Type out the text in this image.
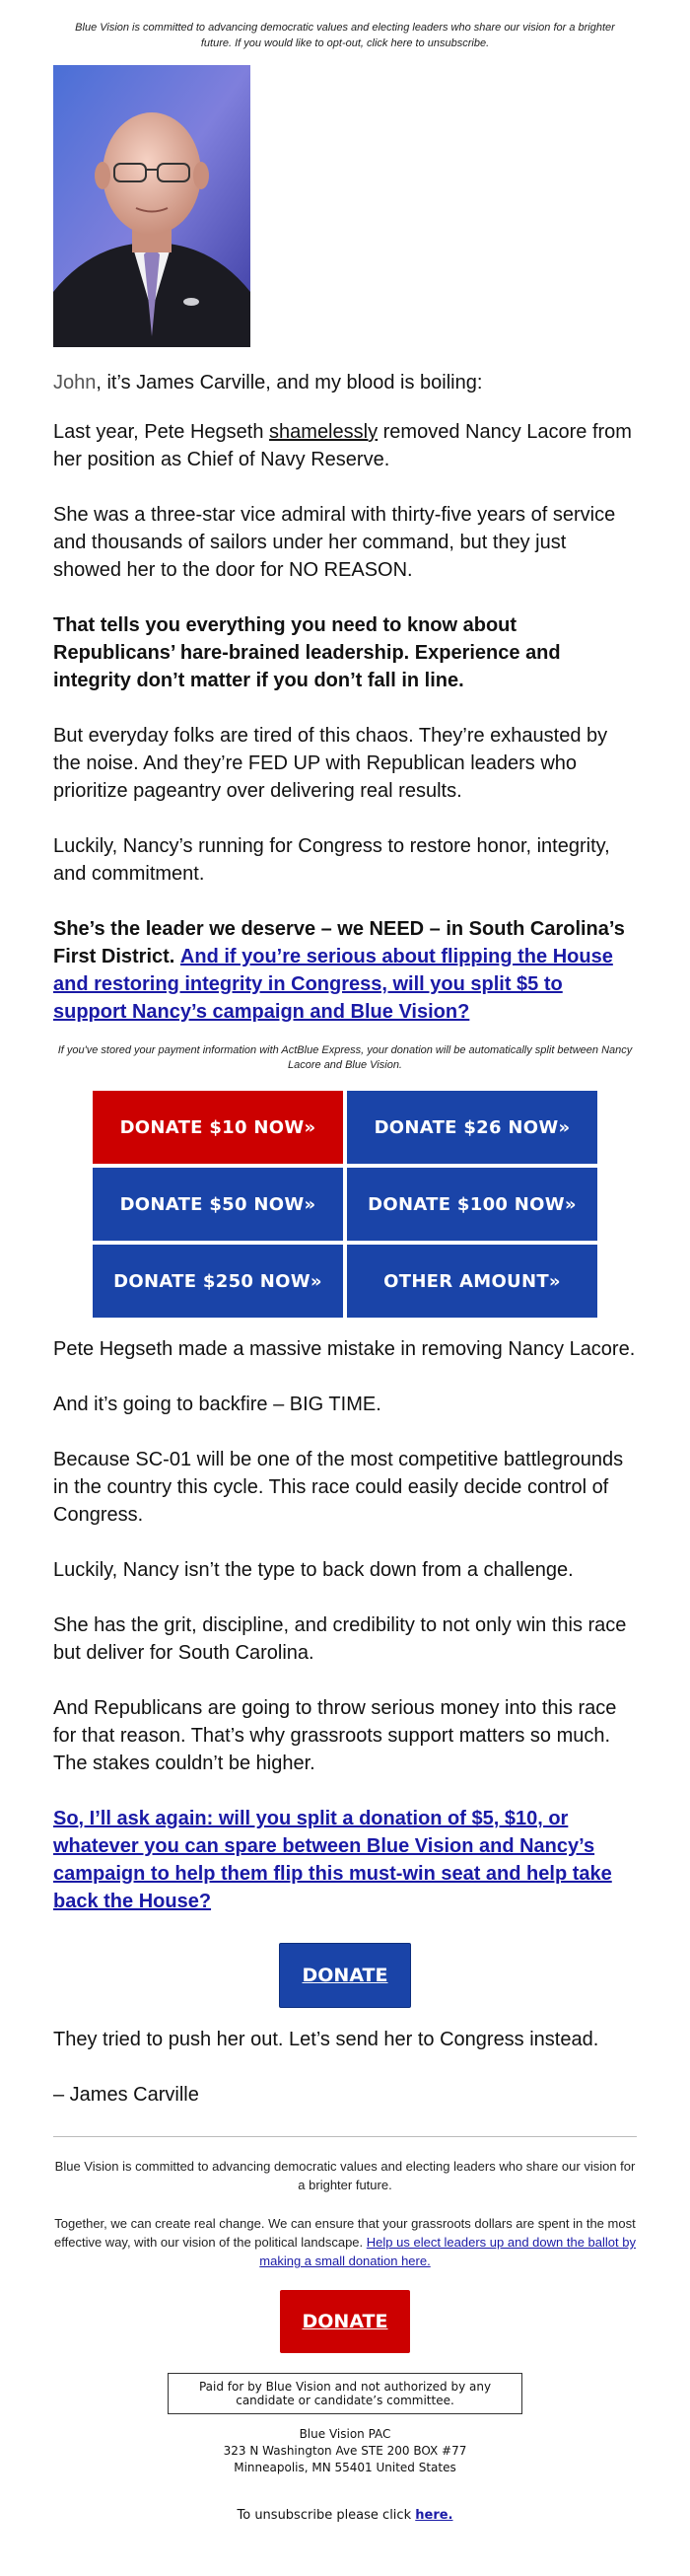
Blue Vision is committed to advancing democratic values and electing leaders who share our vision for a brighter future. If you would like to opt-out, click here to unsubscribe.

John, it’s James Carville, and my blood is boiling:

Last year, Pete Hegseth shamelessly removed Nancy Lacore from her position as Chief of Navy Reserve.

She was a three-star vice admiral with thirty-five years of service and thousands of sailors under her command, but they just showed her to the door for NO REASON.

That tells you everything you need to know about Republicans’ hare-brained leadership. Experience and integrity don’t matter if you don’t fall in line.

But everyday folks are tired of this chaos. They’re exhausted by the noise. And they’re FED UP with Republican leaders who prioritize pageantry over delivering real results.

Luckily, Nancy’s running for Congress to restore honor, integrity, and commitment.

She’s the leader we deserve – we NEED – in South Carolina’s First District. And if you’re serious about flipping the House and restoring integrity in Congress, will you split $5 to support Nancy’s campaign and Blue Vision?

If you've stored your payment information with ActBlue Express, your donation will be automatically split between Nancy Lacore and Blue Vision.

DONATE $10 NOW»	DONATE $26 NOW»
DONATE $50 NOW»	DONATE $100 NOW»
DONATE $250 NOW»	OTHER AMOUNT»

Pete Hegseth made a massive mistake in removing Nancy Lacore.

And it’s going to backfire – BIG TIME.

Because SC-01 will be one of the most competitive battlegrounds in the country this cycle. This race could easily decide control of Congress.

Luckily, Nancy isn’t the type to back down from a challenge.

She has the grit, discipline, and credibility to not only win this race but deliver for South Carolina.

And Republicans are going to throw serious money into this race for that reason. That’s why grassroots support matters so much. The stakes couldn’t be higher.

So, I’ll ask again: will you split a donation of $5, $10, or whatever you can spare between Blue Vision and Nancy’s campaign to help them flip this must-win seat and help take back the House?

DONATE

They tried to push her out. Let’s send her to Congress instead.

– James Carville

Blue Vision is committed to advancing democratic values and electing leaders who share our vision for a brighter future.

Together, we can create real change. We can ensure that your grassroots dollars are spent in the most effective way, with our vision of the political landscape. Help us elect leaders up and down the ballot by making a small donation here.

DONATE
Paid for by Blue Vision and not authorized by any candidate or candidate’s committee.
Blue Vision PAC
323 N Washington Ave STE 200 BOX #77
Minneapolis, MN 55401 United States
To unsubscribe please click here.
